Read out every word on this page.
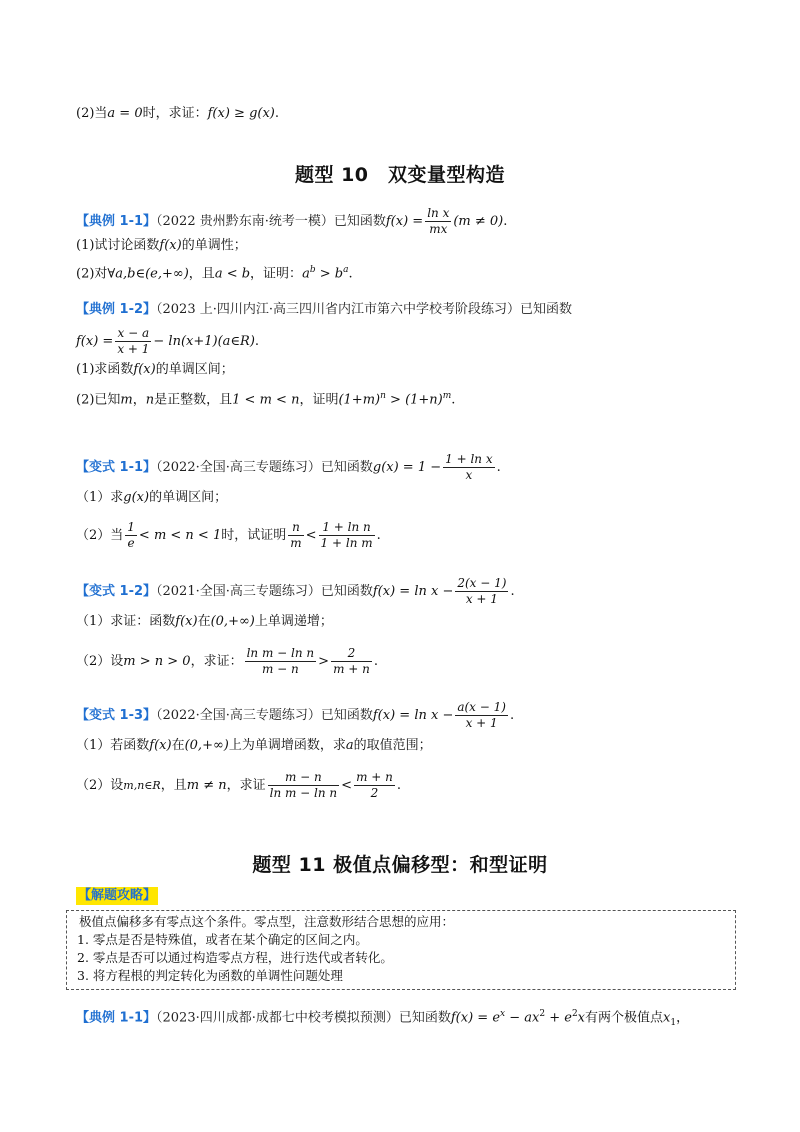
(2)当a = 0时，求证：f(x) ≥ g(x).
题型 10　双变量型构造
【典例 1-1】（2022 贵州黔东南·统考一模）已知函数$f(x) = \frac{\text{ln x}}{mx} (m \ne 0)$.
(1)试讨论函数f(x)的单调性；
(2)对∀a,b∈(e,+∞)，且a < b，证明：$a^b > b^a$.
【典例 1-2】（2023 上·四川内江·高三四川省内江市第六中学校考阶段练习）已知函数
$f(x) = \frac{x - a}{x + 1}$ − ln(x+1)(a∈R).
(1)求函数f(x)的单调区间；
(2)已知m，n是正整数，且1 < m < n，证明$(1+m)^n > (1+n)^m$.
【变式 1-1】（2022·全国·高三专题练习）已知函数$g(x) = 1 - \frac{\text{1 + ln x}}{x}$ .
（1）求g(x)的单调区间；
（2）当 $\frac{1}{e} < m < n < 1$时，试证明 $\frac{n}{m} < \frac{\text{1 + ln n}}{\text{1 + ln m}}$ .
【变式 1-2】（2021·全国·高三专题练习）已知函数$f(x) = \ln x - \frac{2(x - 1)}{x + 1}$ .
（1）求证：函数f(x)在(0,+∞)上单调递增；
（2）设m > n > 0，求证： $\frac{\text{ln m − ln n}}{m - n} > \frac{2}{m + n}$ .
【变式 1-3】（2022·全国·高三专题练习）已知函数$f(x) = \ln x - \frac{a(x - 1)}{x + 1}$ .
（1）若函数f(x)在(0,+∞)上为单调增函数，求a的取值范围；
（2）设m,n∈R，且m ≠ n，求证 $\frac{m - n}{\text{ln m − ln n}} < \frac{m + n}{2}$ .
题型 11 极值点偏移型：和型证明
【解题攻略】
极值点偏移多有零点这个条件。零点型，注意数形结合思想的应用：
1. 零点是否是特殊值，或者在某个确定的区间之内。
2. 零点是否可以通过构造零点方程，进行迭代或者转化。
3. 将方程根的判定转化为函数的单调性问题处理
【典例 1-1】（2023·四川成都·成都七中校考模拟预测）已知函数$f(x) = e^x - ax^2 + e^2x$有两个极值点$x_1$，
